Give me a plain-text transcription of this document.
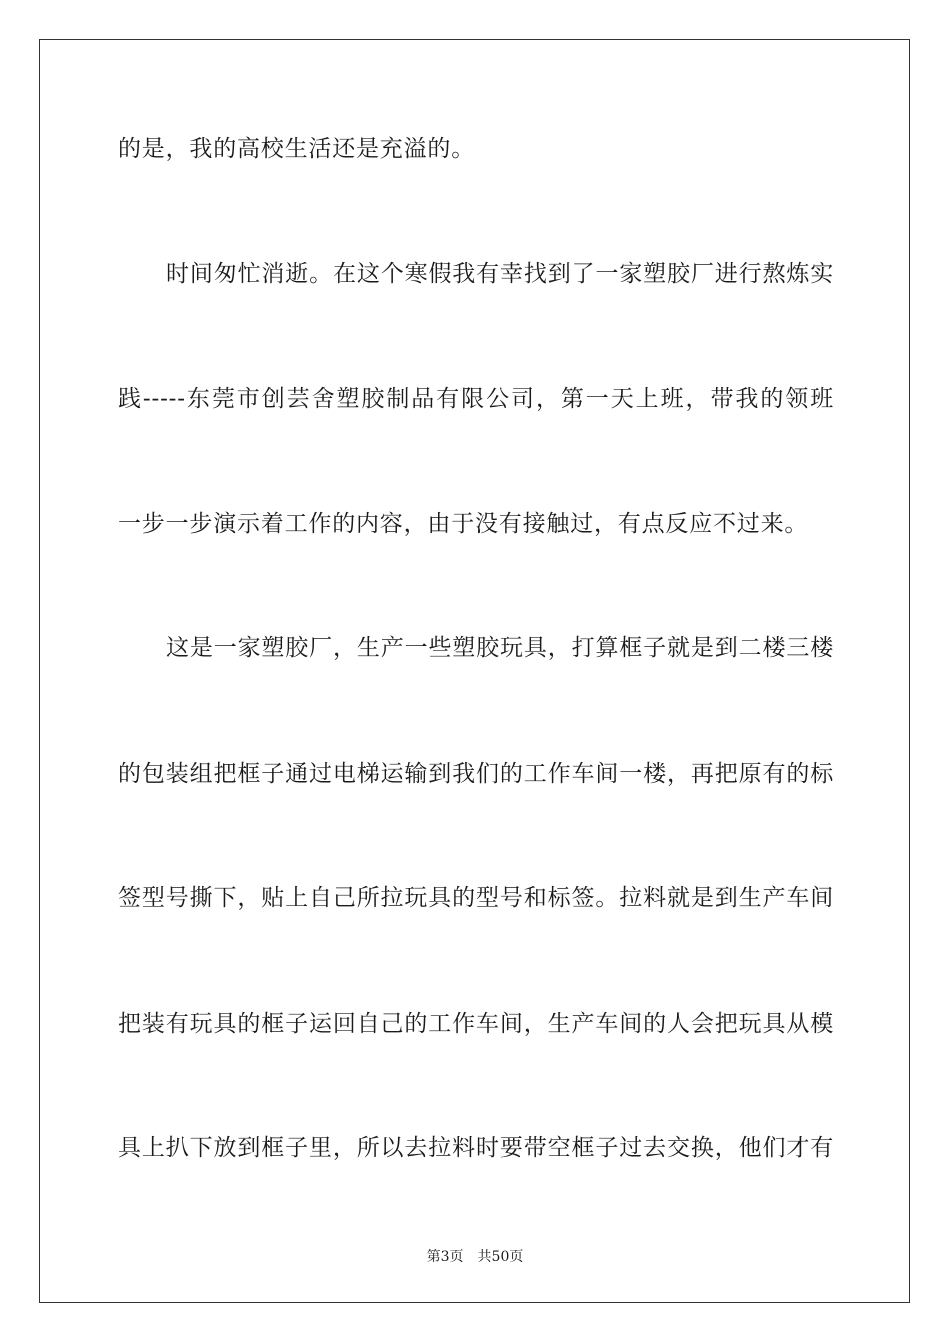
的是，我的高校生活还是充溢的。
时间匆忙消逝。在这个寒假我有幸找到了一家塑胶厂进行熬炼实
践-----东莞市创芸舍塑胶制品有限公司，第一天上班，带我的领班
一步一步演示着工作的内容，由于没有接触过，有点反应不过来。
这是一家塑胶厂，生产一些塑胶玩具，打算框子就是到二楼三楼
的包装组把框子通过电梯运输到我们的工作车间一楼，再把原有的标
签型号撕下，贴上自己所拉玩具的型号和标签。拉料就是到生产车间
把装有玩具的框子运回自己的工作车间，生产车间的人会把玩具从模
具上扒下放到框子里，所以去拉料时要带空框子过去交换，他们才有
第3页 共50页
